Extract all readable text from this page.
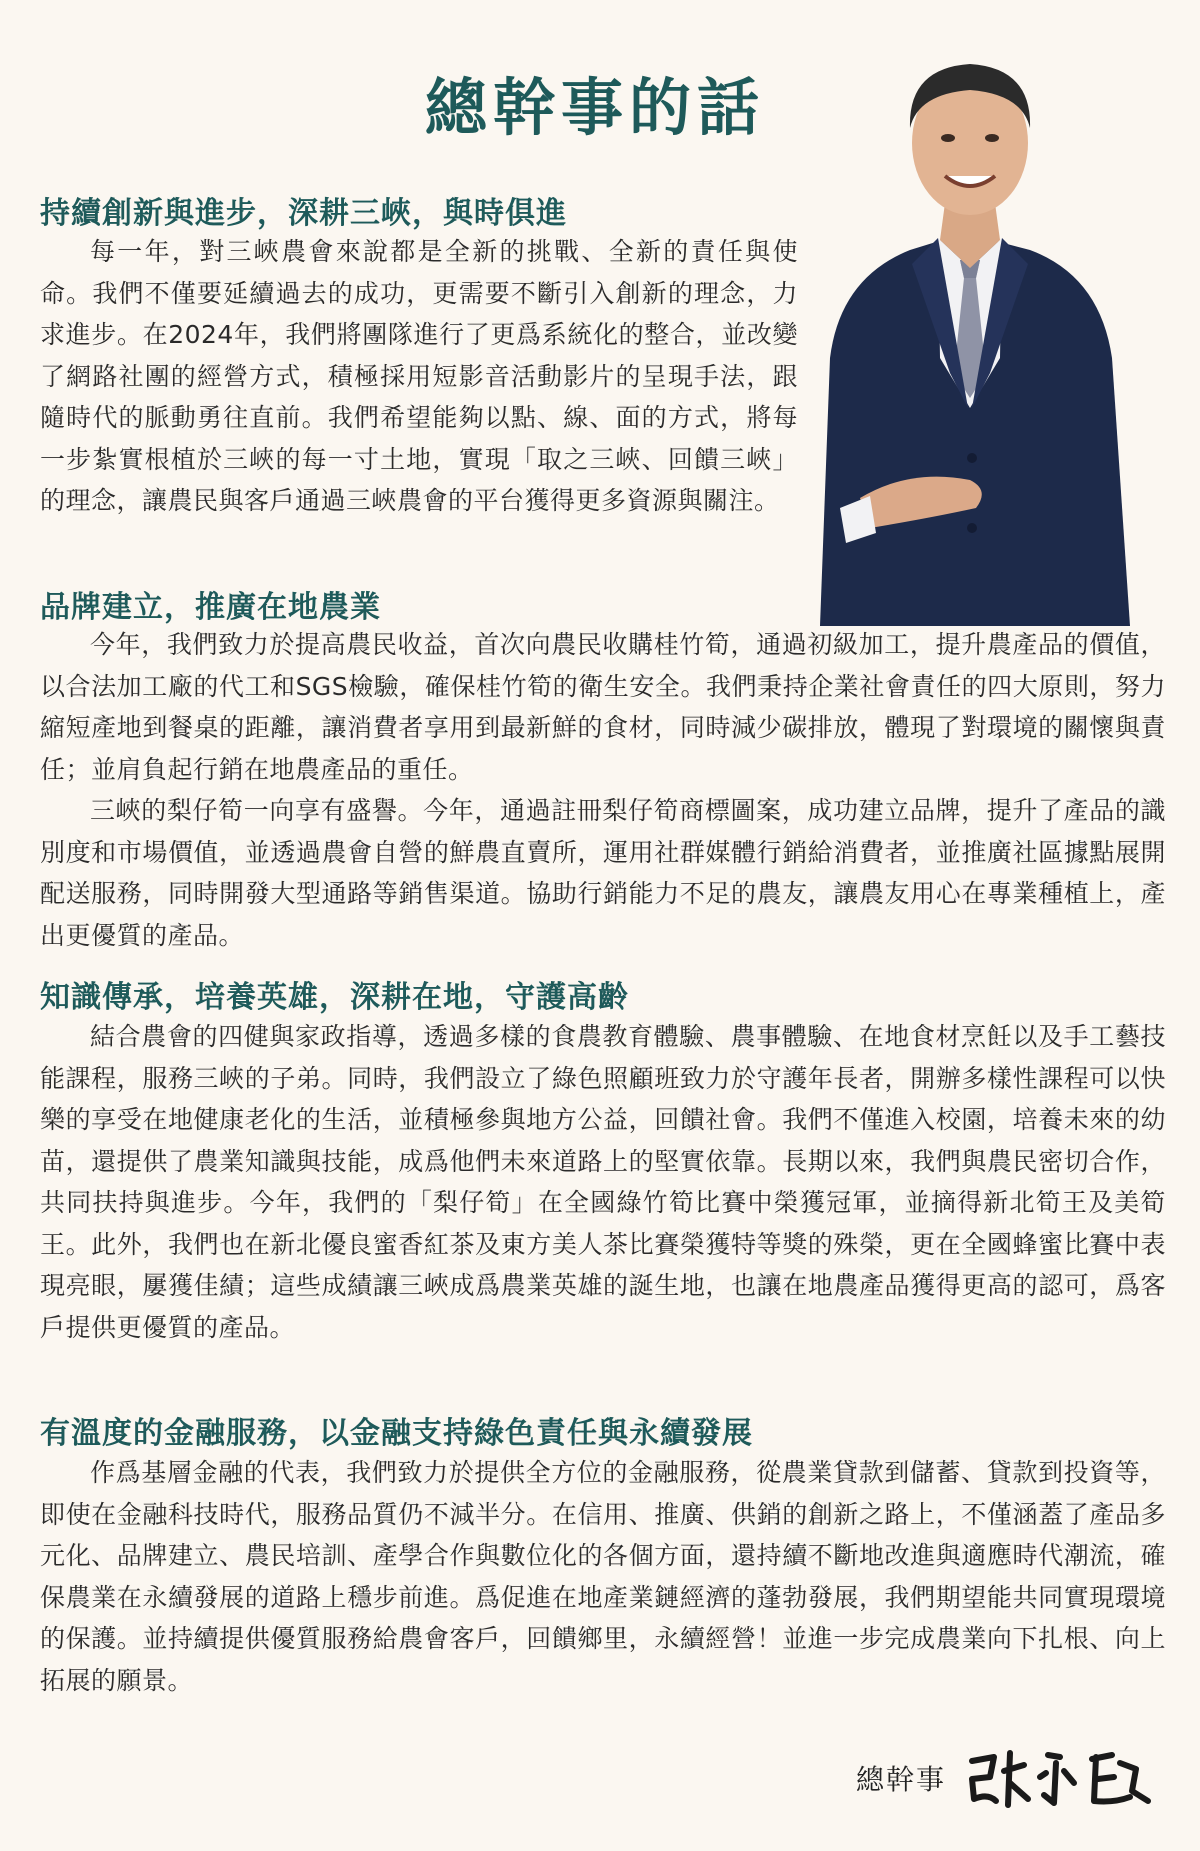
總幹事的話
持續創新與進步，深耕三峽，與時俱進

每一年，對三峽農會來說都是全新的挑戰、全新的責任與使命。我們不僅要延續過去的成功，更需要不斷引入創新的理念，力求進步。在2024年，我們將團隊進行了更爲系統化的整合，並改變了網路社團的經營方式，積極採用短影音活動影片的呈現手法，跟隨時代的脈動勇往直前。我們希望能夠以點、線、面的方式，將每一步紮實根植於三峽的每一寸土地，實現「取之三峽、回饋三峽」的理念，讓農民與客戶通過三峽農會的平台獲得更多資源與關注。

品牌建立，推廣在地農業

今年，我們致力於提高農民收益，首次向農民收購桂竹筍，通過初級加工，提升農產品的價值，以合法加工廠的代工和SGS檢驗，確保桂竹筍的衛生安全。我們秉持企業社會責任的四大原則，努力縮短產地到餐桌的距離，讓消費者享用到最新鮮的食材，同時減少碳排放，體現了對環境的關懷與責任；並肩負起行銷在地農產品的重任。

三峽的梨仔筍一向享有盛譽。今年，通過註冊梨仔筍商標圖案，成功建立品牌，提升了產品的識別度和市場價值，並透過農會自營的鮮農直賣所，運用社群媒體行銷給消費者，並推廣社區據點展開配送服務，同時開發大型通路等銷售渠道。協助行銷能力不足的農友，讓農友用心在專業種植上，產出更優質的產品。

知識傳承，培養英雄，深耕在地，守護高齡

結合農會的四健與家政指導，透過多樣的食農教育體驗、農事體驗、在地食材烹飪以及手工藝技能課程，服務三峽的子弟。同時，我們設立了綠色照顧班致力於守護年長者，開辦多樣性課程可以快樂的享受在地健康老化的生活，並積極參與地方公益，回饋社會。我們不僅進入校園，培養未來的幼苗，還提供了農業知識與技能，成爲他們未來道路上的堅實依靠。長期以來，我們與農民密切合作，共同扶持與進步。今年，我們的「梨仔筍」在全國綠竹筍比賽中榮獲冠軍，並摘得新北筍王及美筍王。此外，我們也在新北優良蜜香紅茶及東方美人茶比賽榮獲特等獎的殊榮，更在全國蜂蜜比賽中表現亮眼，屢獲佳績；這些成績讓三峽成爲農業英雄的誕生地，也讓在地農產品獲得更高的認可，爲客戶提供更優質的產品。

有溫度的金融服務，以金融支持綠色責任與永續發展

作爲基層金融的代表，我們致力於提供全方位的金融服務，從農業貸款到儲蓄、貸款到投資等，即使在金融科技時代，服務品質仍不減半分。在信用、推廣、供銷的創新之路上，不僅涵蓋了產品多元化、品牌建立、農民培訓、產學合作與數位化的各個方面，還持續不斷地改進與適應時代潮流，確保農業在永續發展的道路上穩步前進。爲促進在地產業鏈經濟的蓬勃發展，我們期望能共同實現環境的保護。並持續提供優質服務給農會客戶，回饋鄉里，永續經營！並進一步完成農業向下扎根、向上拓展的願景。

總幹事
